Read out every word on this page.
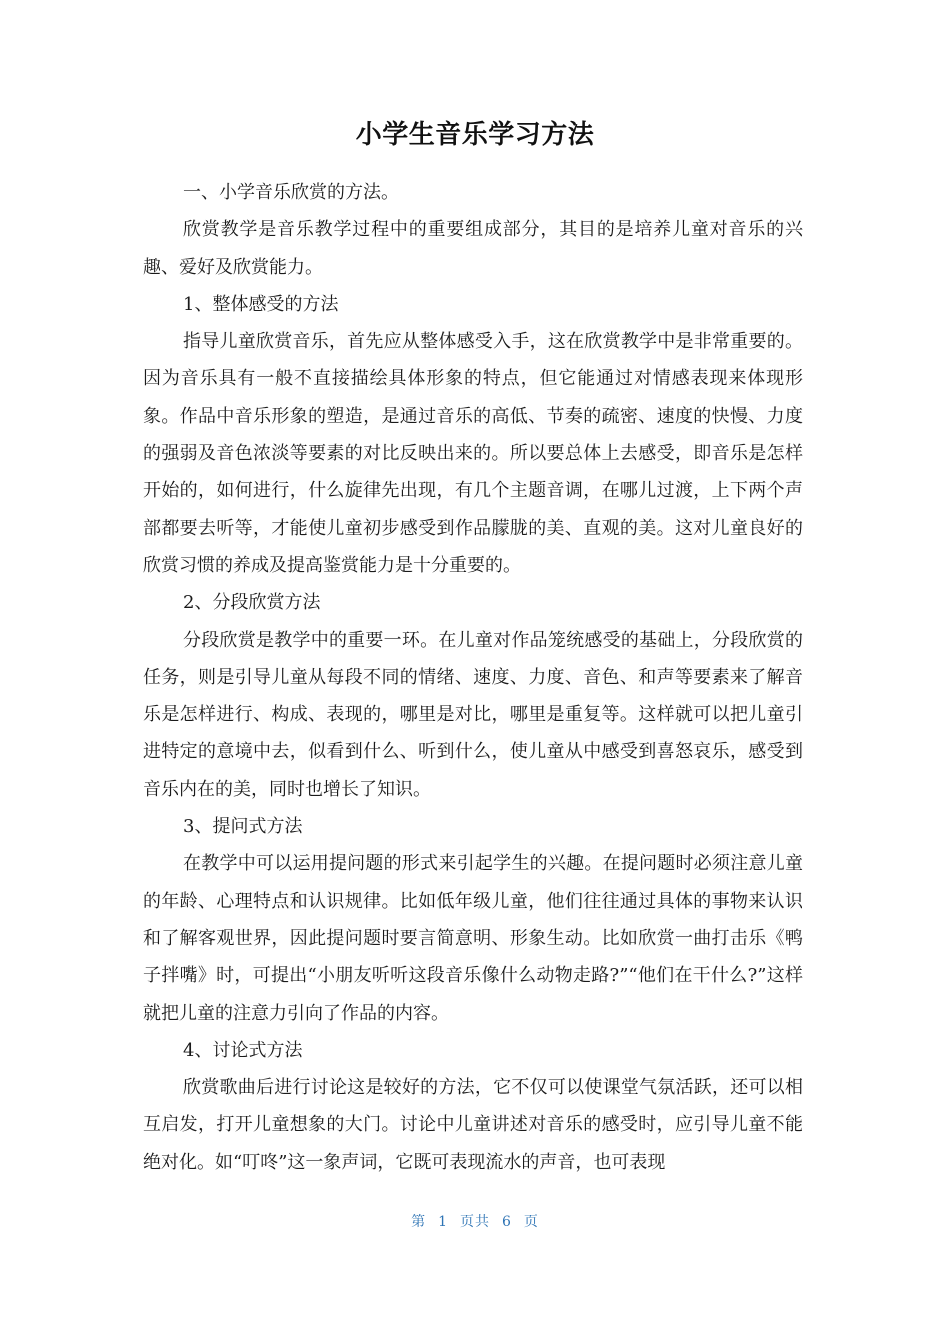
小学生音乐学习方法

一、小学音乐欣赏的方法。

欣赏教学是音乐教学过程中的重要组成部分，其目的是培养儿童对音乐的兴趣、爱好及欣赏能力。

1、整体感受的方法

指导儿童欣赏音乐，首先应从整体感受入手，这在欣赏教学中是非常重要的。因为音乐具有一般不直接描绘具体形象的特点，但它能通过对情感表现来体现形象。作品中音乐形象的塑造，是通过音乐的高低、节奏的疏密、速度的快慢、力度的强弱及音色浓淡等要素的对比反映出来的。所以要总体上去感受，即音乐是怎样开始的，如何进行，什么旋律先出现，有几个主题音调，在哪儿过渡，上下两个声部都要去听等，才能使儿童初步感受到作品朦胧的美、直观的美。这对儿童良好的欣赏习惯的养成及提高鉴赏能力是十分重要的。

2、分段欣赏方法

分段欣赏是教学中的重要一环。在儿童对作品笼统感受的基础上，分段欣赏的任务，则是引导儿童从每段不同的情绪、速度、力度、音色、和声等要素来了解音乐是怎样进行、构成、表现的，哪里是对比，哪里是重复等。这样就可以把儿童引进特定的意境中去，似看到什么、听到什么，使儿童从中感受到喜怒哀乐，感受到音乐内在的美，同时也增长了知识。

3、提问式方法

在教学中可以运用提问题的形式来引起学生的兴趣。在提问题时必须注意儿童的年龄、心理特点和认识规律。比如低年级儿童，他们往往通过具体的事物来认识和了解客观世界，因此提问题时要言简意明、形象生动。比如欣赏一曲打击乐《鸭子拌嘴》时，可提出“小朋友听听这段音乐像什么动物走路?”“他们在干什么?”这样就把儿童的注意力引向了作品的内容。

4、讨论式方法

欣赏歌曲后进行讨论这是较好的方法，它不仅可以使课堂气氛活跃，还可以相互启发，打开儿童想象的大门。讨论中儿童讲述对音乐的感受时，应引导儿童不能绝对化。如“叮咚”这一象声词，它既可表现流水的声音，也可表现

第 1 页共 6 页
